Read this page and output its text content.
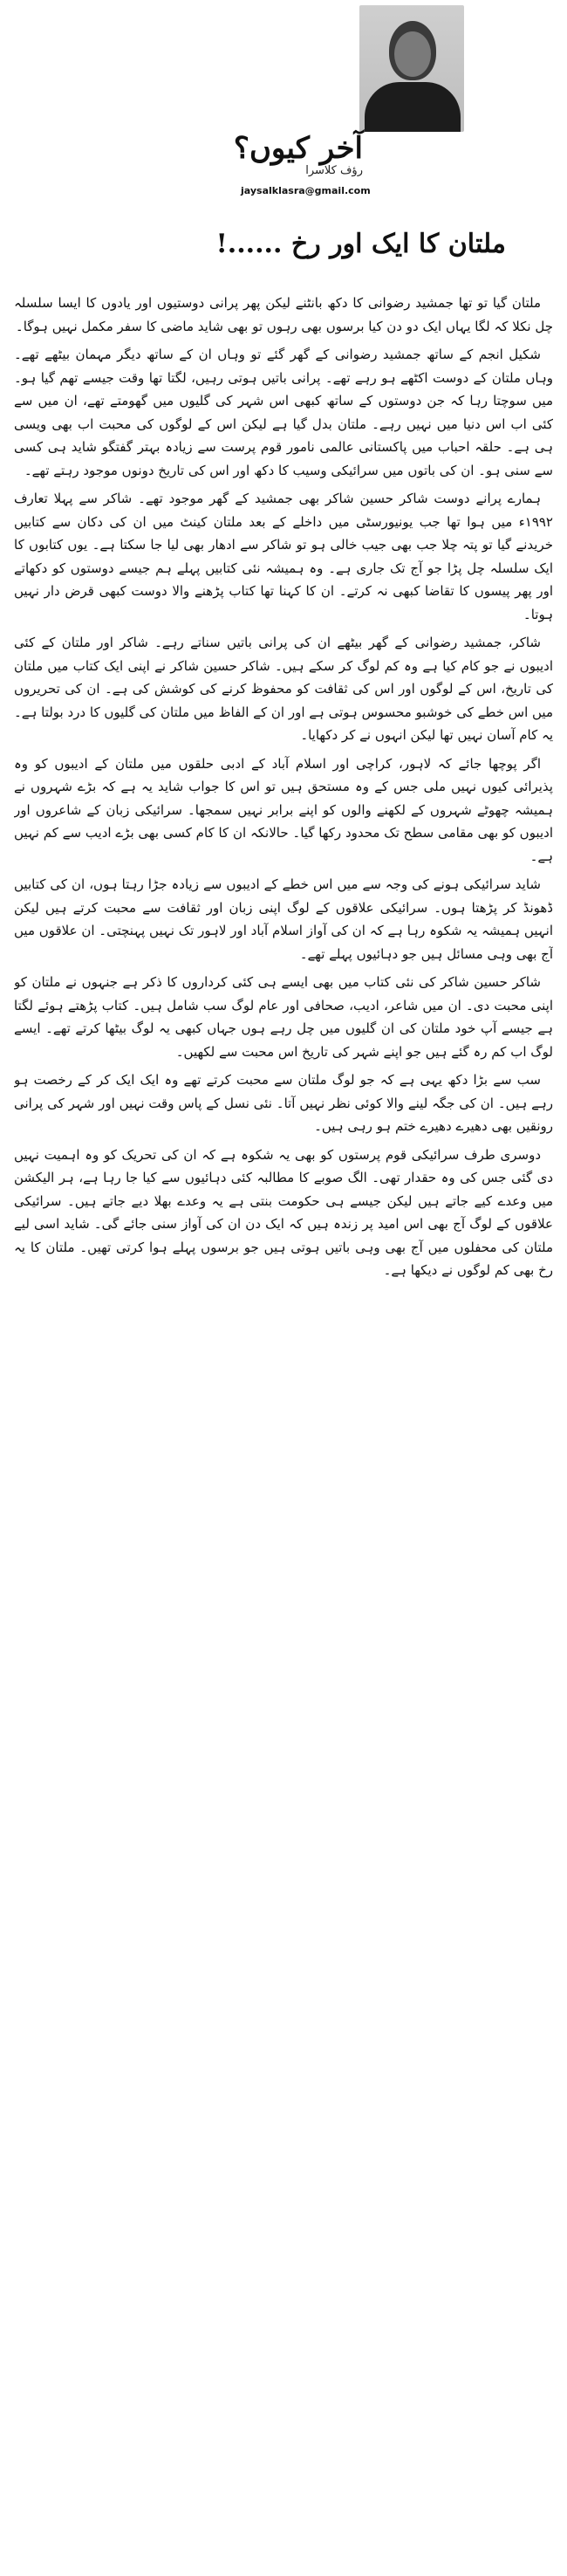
آخر کیوں؟
رؤف کلاسرا
jaysalklasra@gmail.com
ملتان کا ایک اور رخ ......!

ملتان گیا تو تھا جمشید رضوانی کا دکھ بانٹنے لیکن پھر پرانی دوستیوں اور یادوں کا ایسا سلسلہ چل نکلا کہ لگا یہاں ایک دو دن کیا برسوں بھی رہوں تو بھی شاید ماضی کا سفر مکمل نہیں ہوگا۔

شکیل انجم کے ساتھ جمشید رضوانی کے گھر گئے تو وہاں ان کے ساتھ دیگر مہمان بیٹھے تھے۔ وہاں ملتان کے دوست اکٹھے ہو رہے تھے۔ پرانی باتیں ہوتی رہیں، لگتا تھا وقت جیسے تھم گیا ہو۔ میں سوچتا رہا کہ جن دوستوں کے ساتھ کبھی اس شہر کی گلیوں میں گھومتے تھے، ان میں سے کئی اب اس دنیا میں نہیں رہے۔ ملتان بدل گیا ہے لیکن اس کے لوگوں کی محبت اب بھی ویسی ہی ہے۔ حلقہ احباب میں پاکستانی عالمی نامور قوم پرست سے زیادہ بہتر گفتگو شاید ہی کسی سے سنی ہو۔ ان کی باتوں میں سرائیکی وسیب کا دکھ اور اس کی تاریخ دونوں موجود رہتے تھے۔

ہمارے پرانے دوست شاکر حسین شاکر بھی جمشید کے گھر موجود تھے۔ شاکر سے پہلا تعارف ۱۹۹۲ء میں ہوا تھا جب یونیورسٹی میں داخلے کے بعد ملتان کینٹ میں ان کی دکان سے کتابیں خریدنے گیا تو پتہ چلا جب بھی جیب خالی ہو تو شاکر سے ادھار بھی لیا جا سکتا ہے۔ یوں کتابوں کا ایک سلسلہ چل پڑا جو آج تک جاری ہے۔ وہ ہمیشہ نئی کتابیں پہلے ہم جیسے دوستوں کو دکھاتے اور پھر پیسوں کا تقاضا کبھی نہ کرتے۔ ان کا کہنا تھا کتاب پڑھنے والا دوست کبھی قرض دار نہیں ہوتا۔

شاکر، جمشید رضوانی کے گھر بیٹھے ان کی پرانی باتیں سناتے رہے۔ شاکر اور ملتان کے کئی ادیبوں نے جو کام کیا ہے وہ کم لوگ کر سکے ہیں۔ شاکر حسین شاکر نے اپنی ایک کتاب میں ملتان کی تاریخ، اس کے لوگوں اور اس کی ثقافت کو محفوظ کرنے کی کوشش کی ہے۔ ان کی تحریروں میں اس خطے کی خوشبو محسوس ہوتی ہے اور ان کے الفاظ میں ملتان کی گلیوں کا درد بولتا ہے۔ یہ کام آسان نہیں تھا لیکن انہوں نے کر دکھایا۔

اگر پوچھا جائے کہ لاہور، کراچی اور اسلام آباد کے ادبی حلقوں میں ملتان کے ادیبوں کو وہ پذیرائی کیوں نہیں ملی جس کے وہ مستحق ہیں تو اس کا جواب شاید یہ ہے کہ بڑے شہروں نے ہمیشہ چھوٹے شہروں کے لکھنے والوں کو اپنے برابر نہیں سمجھا۔ سرائیکی زبان کے شاعروں اور ادیبوں کو بھی مقامی سطح تک محدود رکھا گیا۔ حالانکہ ان کا کام کسی بھی بڑے ادیب سے کم نہیں ہے۔

شاید سرائیکی ہونے کی وجہ سے میں اس خطے کے ادیبوں سے زیادہ جڑا رہتا ہوں، ان کی کتابیں ڈھونڈ کر پڑھتا ہوں۔ سرائیکی علاقوں کے لوگ اپنی زبان اور ثقافت سے محبت کرتے ہیں لیکن انہیں ہمیشہ یہ شکوہ رہا ہے کہ ان کی آواز اسلام آباد اور لاہور تک نہیں پہنچتی۔ ان علاقوں میں آج بھی وہی مسائل ہیں جو دہائیوں پہلے تھے۔

شاکر حسین شاکر کی نئی کتاب میں بھی ایسے ہی کئی کرداروں کا ذکر ہے جنہوں نے ملتان کو اپنی محبت دی۔ ان میں شاعر، ادیب، صحافی اور عام لوگ سب شامل ہیں۔ کتاب پڑھتے ہوئے لگتا ہے جیسے آپ خود ملتان کی ان گلیوں میں چل رہے ہوں جہاں کبھی یہ لوگ بیٹھا کرتے تھے۔ ایسے لوگ اب کم رہ گئے ہیں جو اپنے شہر کی تاریخ اس محبت سے لکھیں۔

سب سے بڑا دکھ یہی ہے کہ جو لوگ ملتان سے محبت کرتے تھے وہ ایک ایک کر کے رخصت ہو رہے ہیں۔ ان کی جگہ لینے والا کوئی نظر نہیں آتا۔ نئی نسل کے پاس وقت نہیں اور شہر کی پرانی رونقیں بھی دھیرے دھیرے ختم ہو رہی ہیں۔

دوسری طرف سرائیکی قوم پرستوں کو بھی یہ شکوہ ہے کہ ان کی تحریک کو وہ اہمیت نہیں دی گئی جس کی وہ حقدار تھی۔ الگ صوبے کا مطالبہ کئی دہائیوں سے کیا جا رہا ہے، ہر الیکشن میں وعدے کیے جاتے ہیں لیکن جیسے ہی حکومت بنتی ہے یہ وعدے بھلا دیے جاتے ہیں۔ سرائیکی علاقوں کے لوگ آج بھی اس امید پر زندہ ہیں کہ ایک دن ان کی آواز سنی جائے گی۔ شاید اسی لیے ملتان کی محفلوں میں آج بھی وہی باتیں ہوتی ہیں جو برسوں پہلے ہوا کرتی تھیں۔ ملتان کا یہ رخ بھی کم لوگوں نے دیکھا ہے۔
